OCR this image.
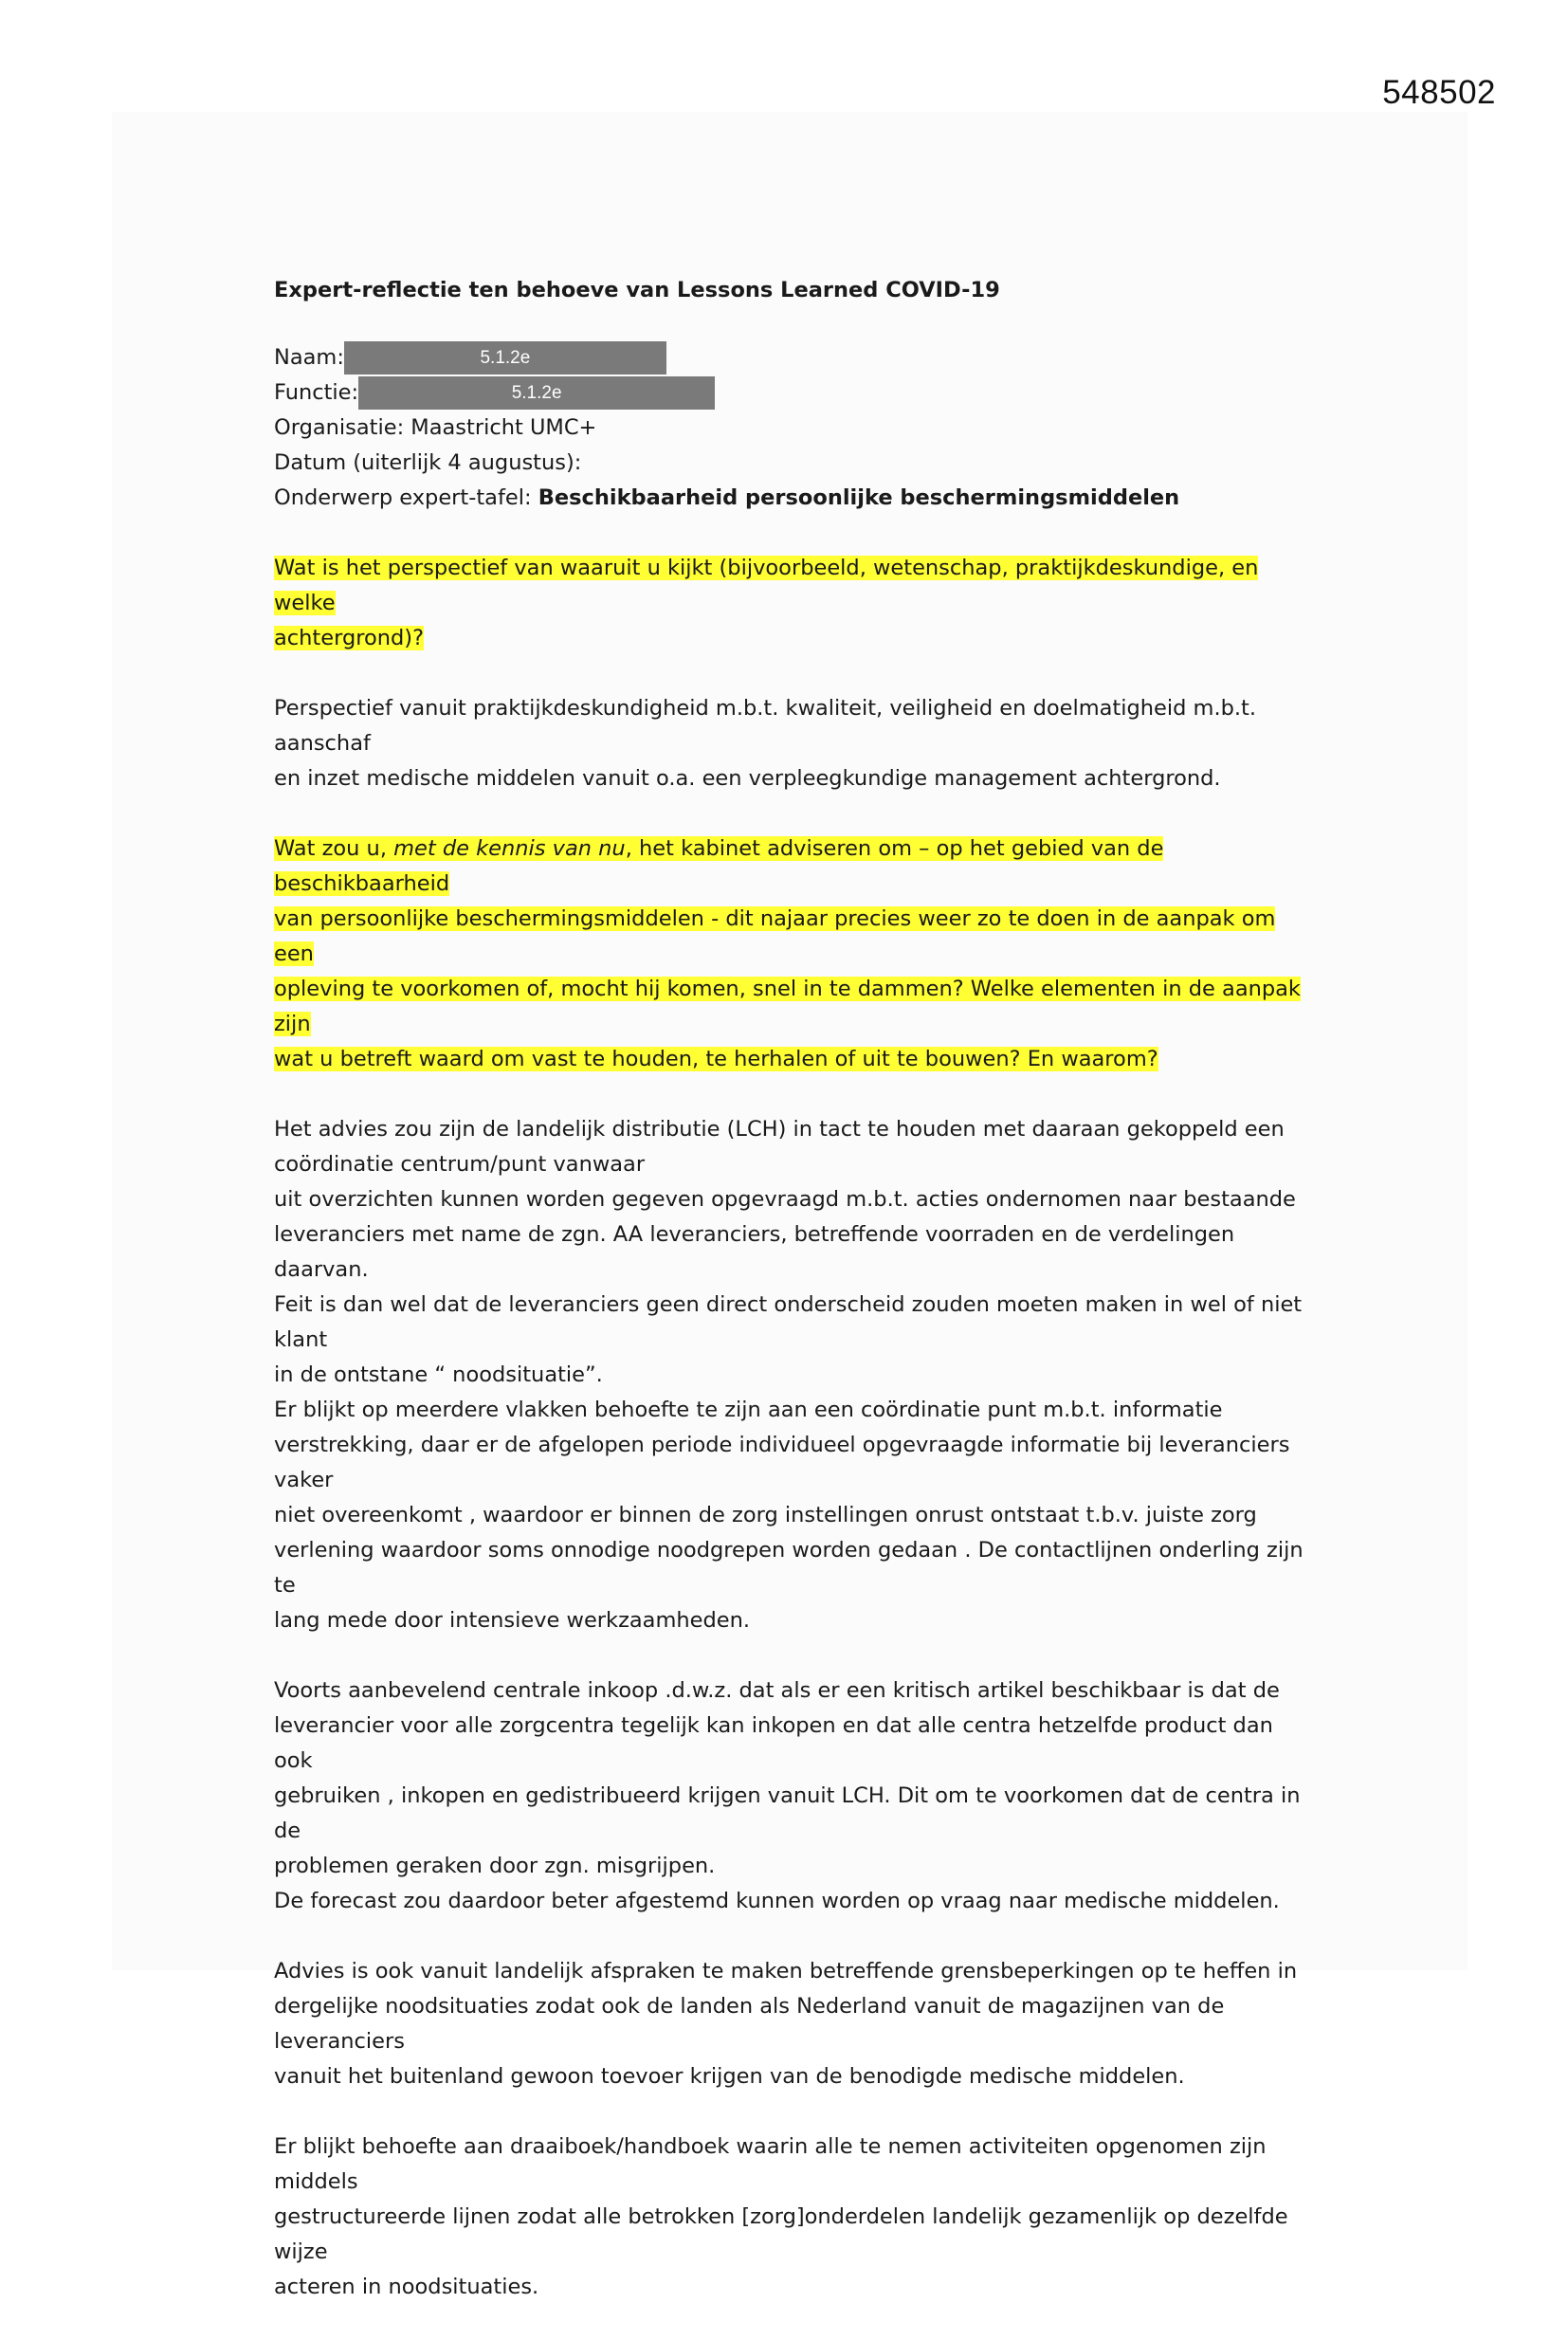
548502
Expert-reflectie ten behoeve van Lessons Learned COVID-19
Naam:	5.1.2e
Functie:	5.1.2e
Organisatie: Maastricht UMC+
Datum (uiterlijk 4 augustus):
Onderwerp expert-tafel: Beschikbaarheid persoonlijke beschermingsmiddelen
Wat is het perspectief van waaruit u kijkt (bijvoorbeeld, wetenschap, praktijkdeskundige, en welke
achtergrond)?
Perspectief vanuit praktijkdeskundigheid m.b.t. kwaliteit, veiligheid en doelmatigheid m.b.t. aanschaf
en inzet medische middelen vanuit o.a. een verpleegkundige management achtergrond.
Wat zou u, met de kennis van nu, het kabinet adviseren om – op het gebied van de beschikbaarheid
van persoonlijke beschermingsmiddelen - dit najaar precies weer zo te doen in de aanpak om een
opleving te voorkomen of, mocht hij komen, snel in te dammen? Welke elementen in de aanpak zijn
wat u betreft waard om vast te houden, te herhalen of uit te bouwen? En waarom?
Het advies zou zijn de landelijk distributie (LCH) in tact te houden met daaraan gekoppeld een
coördinatie centrum/punt vanwaar
uit overzichten kunnen worden gegeven opgevraagd m.b.t. acties ondernomen naar bestaande
leveranciers met name de zgn. AA leveranciers, betreffende voorraden en de verdelingen daarvan.
Feit is dan wel dat de leveranciers geen direct onderscheid zouden moeten maken in wel of niet klant
in de ontstane “ noodsituatie”.
Er blijkt op meerdere vlakken behoefte te zijn aan een coördinatie punt m.b.t. informatie
verstrekking, daar er de afgelopen periode individueel opgevraagde informatie bij leveranciers vaker
niet overeenkomt , waardoor er binnen de zorg instellingen onrust ontstaat t.b.v. juiste zorg
verlening waardoor soms onnodige noodgrepen worden gedaan . De contactlijnen onderling zijn te
lang mede door intensieve werkzaamheden.
Voorts aanbevelend centrale inkoop .d.w.z. dat als er een kritisch artikel beschikbaar is dat de
leverancier voor alle zorgcentra tegelijk kan inkopen en dat alle centra hetzelfde product dan ook
gebruiken , inkopen en gedistribueerd krijgen vanuit LCH. Dit om te voorkomen dat de centra in de
problemen geraken door zgn. misgrijpen.
De forecast zou daardoor beter afgestemd kunnen worden op vraag naar medische middelen.
Advies is ook vanuit landelijk afspraken te maken betreffende grensbeperkingen op te heffen in
dergelijke noodsituaties zodat ook de landen als Nederland vanuit de magazijnen van de leveranciers
vanuit het buitenland gewoon toevoer krijgen van de benodigde medische middelen.
Er blijkt behoefte aan draaiboek/handboek waarin alle te nemen activiteiten opgenomen zijn middels
gestructureerde lijnen zodat alle betrokken [zorg]onderdelen landelijk gezamenlijk op dezelfde wijze
acteren in noodsituaties.
